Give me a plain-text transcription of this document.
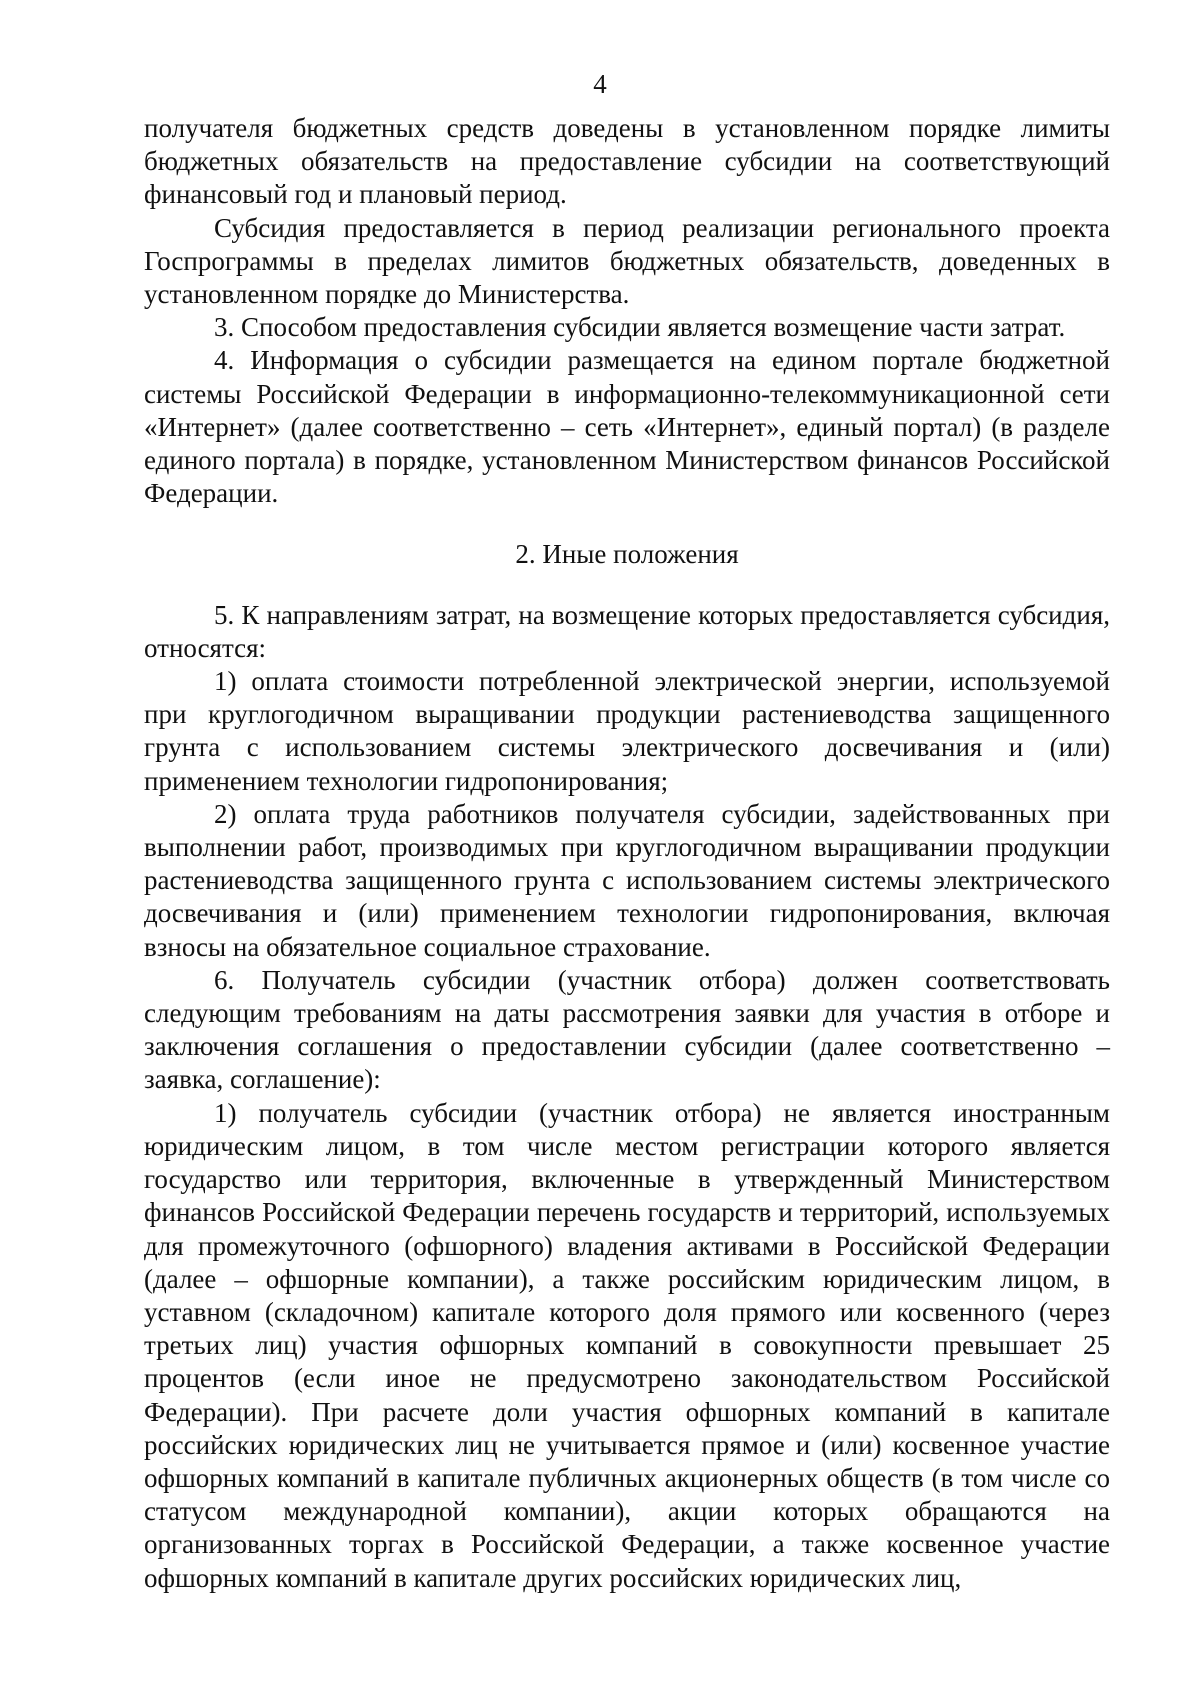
4

получателя бюджетных средств доведены в установленном порядке лимиты бюджетных обязательств на предоставление субсидии на соответствующий финансовый год и плановый период.

Субсидия предоставляется в период реализации регионального проекта Госпрограммы в пределах лимитов бюджетных обязательств, доведенных в установленном порядке до Министерства.

3. Способом предоставления субсидии является возмещение части затрат.

4. Информация о субсидии размещается на едином портале бюджетной системы Российской Федерации в информационно-телекоммуникационной сети «Интернет» (далее соответственно – сеть «Интернет», единый портал) (в разделе единого портала) в порядке, установленном Министерством финансов Российской Федерации.

2. Иные положения

5. К направлениям затрат, на возмещение которых предоставляется субсидия, относятся:

1) оплата стоимости потребленной электрической энергии, используемой при круглогодичном выращивании продукции растениеводства защищенного грунта с использованием системы электрического досвечивания и (или) применением технологии гидропонирования;

2) оплата труда работников получателя субсидии, задействованных при выполнении работ, производимых при круглогодичном выращивании продукции растениеводства защищенного грунта с использованием системы электрического досвечивания и (или) применением технологии гидропонирования, включая взносы на обязательное социальное страхование.

6. Получатель субсидии (участник отбора) должен соответствовать следующим требованиям на даты рассмотрения заявки для участия в отборе и заключения соглашения о предоставлении субсидии (далее соответственно – заявка, соглашение):

1) получатель субсидии (участник отбора) не является иностранным юридическим лицом, в том числе местом регистрации которого является государство или территория, включенные в утвержденный Министерством финансов Российской Федерации перечень государств и территорий, используемых для промежуточного (офшорного) владения активами в Российской Федерации (далее – офшорные компании), а также российским юридическим лицом, в уставном (складочном) капитале которого доля прямого или косвенного (через третьих лиц) участия офшорных компаний в совокупности превышает 25 процентов (если иное не предусмотрено законодательством Российской Федерации). При расчете доли участия офшорных компаний в капитале российских юридических лиц не учитывается прямое и (или) косвенное участие офшорных компаний в капитале публичных акционерных обществ (в том числе со статусом международной компании), акции которых обращаются на организованных торгах в Российской Федерации, а также косвенное участие офшорных компаний в капитале других российских юридических лиц,
